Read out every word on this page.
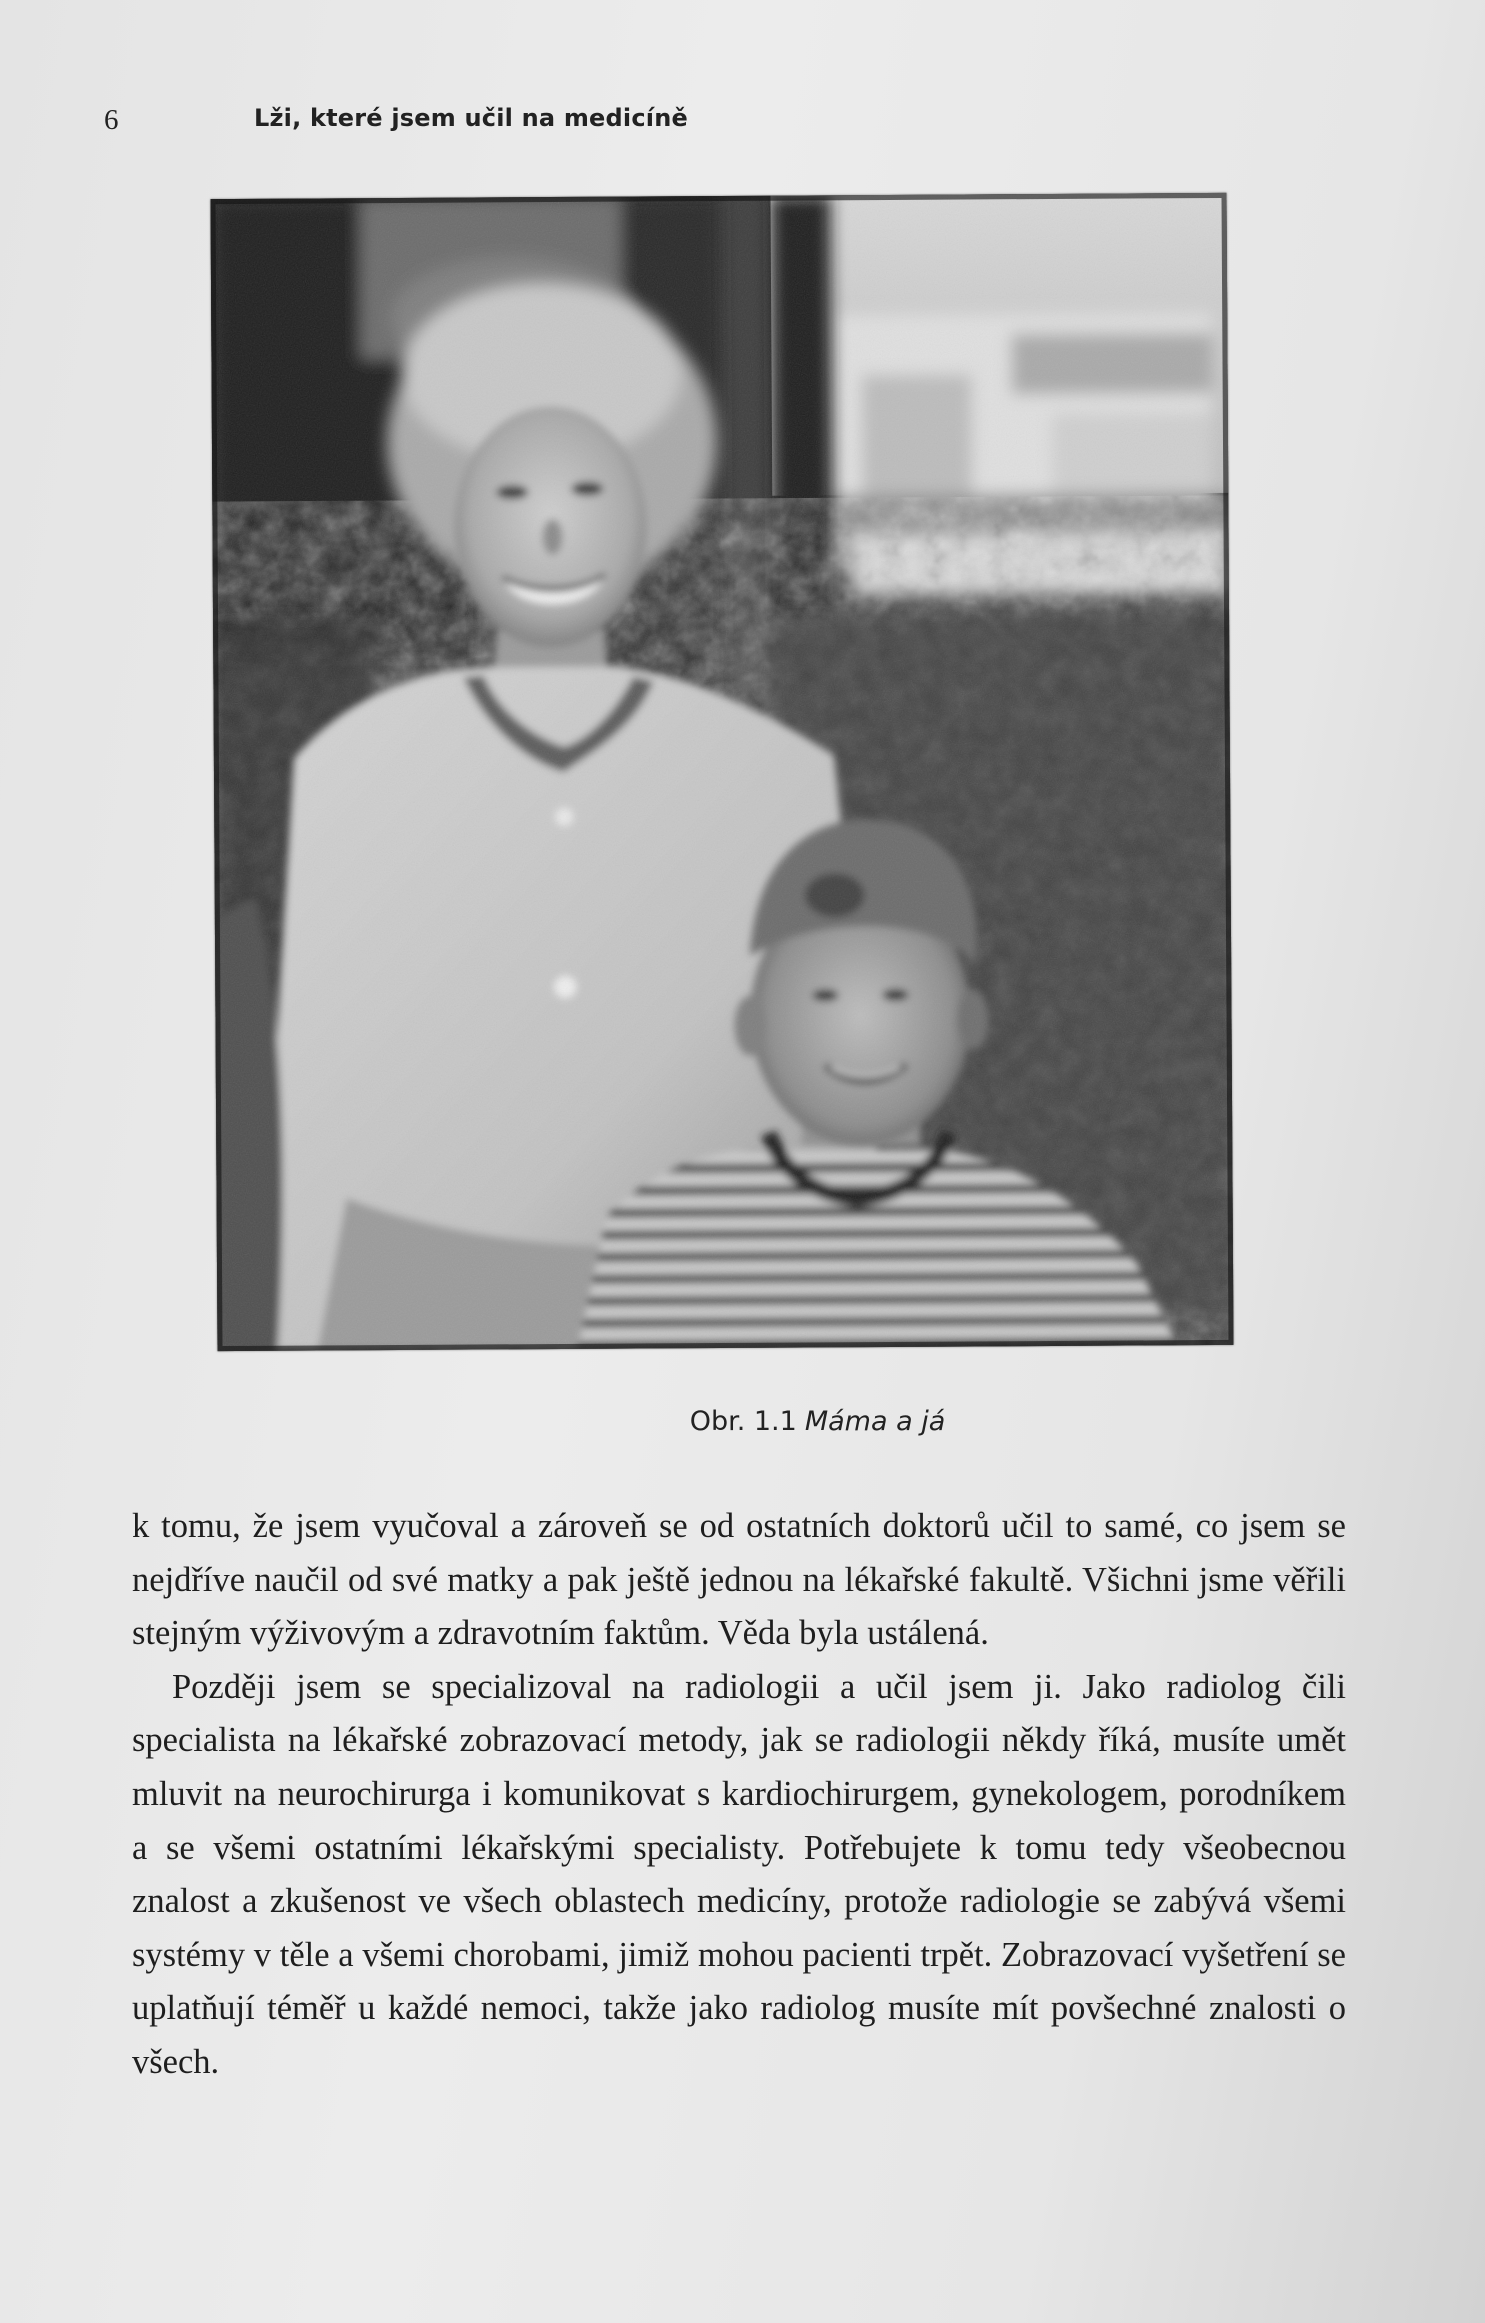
6	Lži, které jsem učil na medicíně
Obr. 1.1 Máma a já

k tomu, že jsem vyučoval a zároveň se od ostatních doktorů učil to samé, co jsem se nejdříve naučil od své matky a pak ještě jednou na lékařské fakultě. Všichni jsme věřili stejným výživovým a zdravotním faktům. Věda byla ustálená.

Později jsem se specializoval na radiologii a učil jsem ji. Jako radiolog čili specialista na lékařské zobrazovací metody, jak se radiologii někdy říká, musíte umět mluvit na neurochirurga i komunikovat s kardiochirurgem, gynekologem, porodníkem a se všemi ostatními lékařskými specialisty. Potřebujete k tomu tedy všeobecnou znalost a zkušenost ve všech oblastech medicíny, protože radiologie se zabývá všemi systémy v těle a všemi chorobami, jimiž mohou pacienti trpět. Zobrazovací vyšetření se uplatňují téměř u každé nemoci, takže jako radiolog musíte mít povšechné znalosti o všech.
